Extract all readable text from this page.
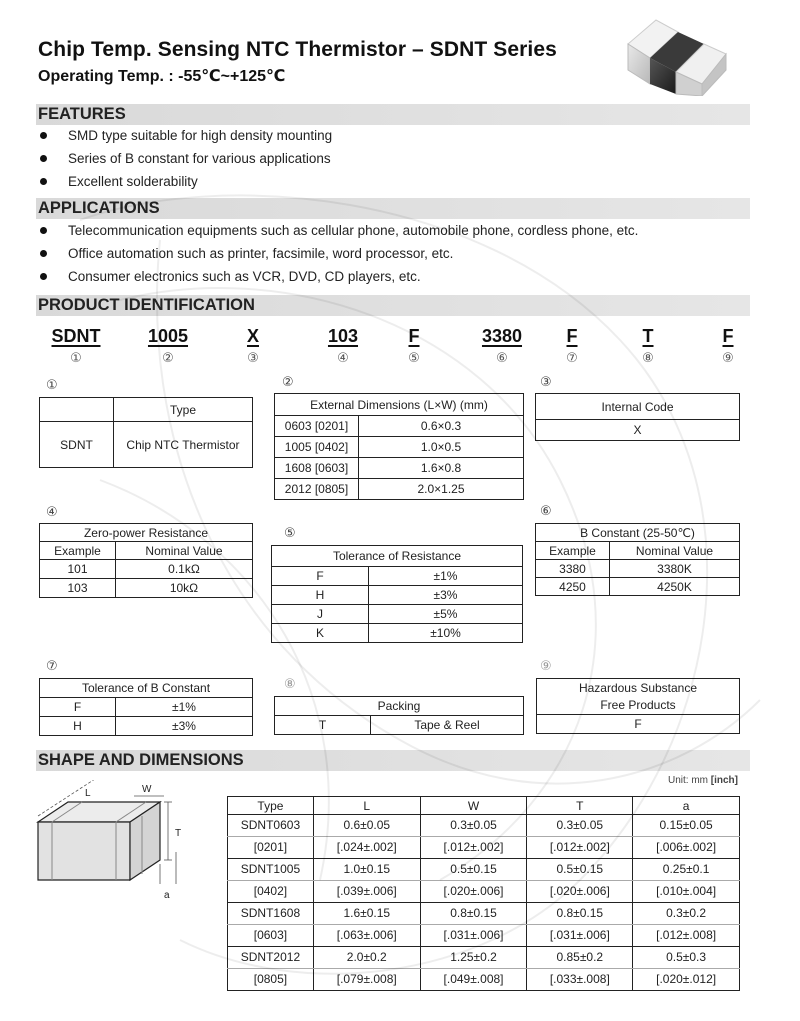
Chip Temp. Sensing NTC Thermistor – SDNT Series
Operating Temp. : -55℃~+125℃
FEATURES
SMD type suitable for high density mounting
Series of B constant for various applications
Excellent solderability
APPLICATIONS
Telecommunication equipments such as cellular phone, automobile phone, cordless phone, etc.
Office automation such as printer, facsimile, word processor, etc.
Consumer electronics such as VCR, DVD, CD players, etc.
PRODUCT IDENTIFICATION
SDNT	1005	X	103	F	3380	F	T	F
①	②	③	④	⑤	⑥	⑦	⑧	⑨
①
	Type
SDNT	Chip NTC Thermistor
②
External Dimensions (L×W) (mm)	
0603 [0201]	0.6×0.3
1005 [0402]	1.0×0.5
1608 [0603]	1.6×0.8
2012 [0805]	2.0×1.25
③
Internal Code
X
④
Zero-power Resistance	
Example	Nominal Value
101	0.1kΩ
103	10kΩ
⑤
Tolerance of Resistance	
F	±1%
H	±3%
J	±5%
K	±10%
⑥
B Constant (25-50℃)	
Example	Nominal Value
3380	3380K
4250	4250K
⑦
Tolerance of B Constant	
F	±1%
H	±3%
⑧
Packing
T	Tape & Reel
⑨
Hazardous Substance
Free Products
F
SHAPE AND DIMENSIONS
Unit: mm [inch]
L	W
T
a
Type	L	W	T	a
SDNT0603	0.6±0.05	0.3±0.05	0.3±0.05	0.15±0.05
[0201]	[.024±.002]	[.012±.002]	[.012±.002]	[.006±.002]
SDNT1005	1.0±0.15	0.5±0.15	0.5±0.15	0.25±0.1
[0402]	[.039±.006]	[.020±.006]	[.020±.006]	[.010±.004]
SDNT1608	1.6±0.15	0.8±0.15	0.8±0.15	0.3±0.2
[0603]	[.063±.006]	[.031±.006]	[.031±.006]	[.012±.008]
SDNT2012	2.0±0.2	1.25±0.2	0.85±0.2	0.5±0.3
[0805]	[.079±.008]	[.049±.008]	[.033±.008]	[.020±.012]
